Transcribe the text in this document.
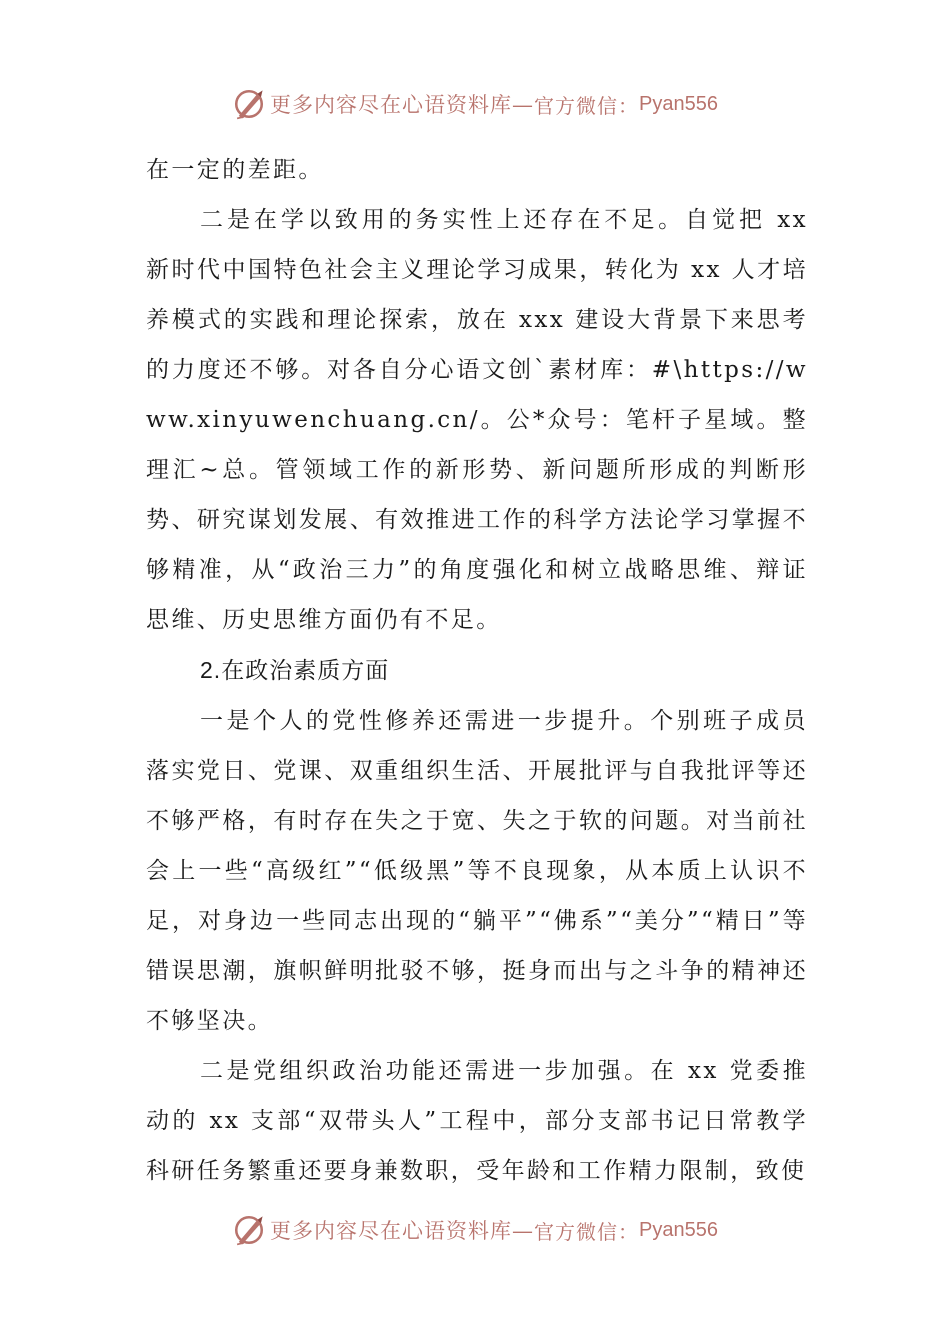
更多内容尽在心语资料库— 官方微信： Pyan556

在一定的差距。

二是在学以致用的务实性上还存在不足。自觉把 xx 新时代中国特色社会主义理论学习成果，转化为 xx 人才培养模式的实践和理论探索，放在 xxx 建设大背景下来思考的力度还不够。对各自分心语文创`素材库：#\https://www.xinyuwenchuang.cn/。公*众号：笔杆子星域。整理汇~总。管领域工作的新形势、新问题所形成的判断形势、研究谋划发展、有效推进工作的科学方法论学习掌握不够精准，从“政治三力”的角度强化和树立战略思维、辩证思维、历史思维方面仍有不足。

2.在政治素质方面

一是个人的党性修养还需进一步提升。个别班子成员落实党日、党课、双重组织生活、开展批评与自我批评等还不够严格，有时存在失之于宽、失之于软的问题。对当前社会上一些“高级红”“低级黑”等不良现象，从本质上认识不足，对身边一些同志出现的“躺平”“佛系”“美分”“精日”等错误思潮，旗帜鲜明批驳不够，挺身而出与之斗争的精神还不够坚决。

二是党组织政治功能还需进一步加强。在 xx 党委推动的 xx 支部“双带头人”工程中，部分支部书记日常教学科研任务繁重还要身兼数职，受年龄和工作精力限制，致使

更多内容尽在心语资料库— 官方微信： Pyan556
